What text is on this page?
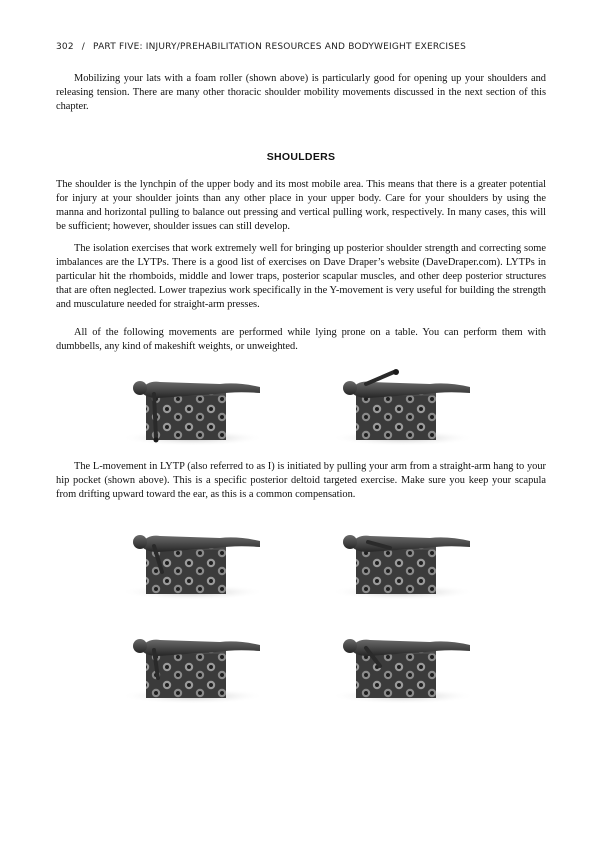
302 / PART FIVE: INJURY/PREHABILITATION RESOURCES AND BODYWEIGHT EXERCISES

Mobilizing your lats with a foam roller (shown above) is particularly good for opening up your shoulders and releasing tension. There are many other thoracic shoulder mobility movements discussed in the next section of this chapter.

SHOULDERS

The shoulder is the lynchpin of the upper body and its most mobile area. This means that there is a greater potential for injury at your shoulder joints than any other place in your upper body. Care for your shoulders by using the manna and horizontal pulling to balance out pressing and vertical pulling work, respectively. In many cases, this will be sufficient; however, shoulder issues can still develop.

The isolation exercises that work extremely well for bringing up posterior shoulder strength and correcting some imbalances are the LYTPs. There is a good list of exercises on Dave Draper’s website (DaveDraper.com). LYTPs in particular hit the rhomboids, middle and lower traps, posterior scapular muscles, and other deep posterior structures that are often neglected. Lower trapezius work specifically in the Y-movement is very useful for building the strength and musculature needed for straight-arm presses.

All of the following movements are performed while lying prone on a table. You can perform them with dumbbells, any kind of makeshift weights, or unweighted.

The L-movement in LYTP (also referred to as I) is initiated by pulling your arm from a straight-arm hang to your hip pocket (shown above). This is a specific posterior deltoid targeted exercise. Make sure you keep your scapula from drifting upward toward the ear, as this is a common compensation.
